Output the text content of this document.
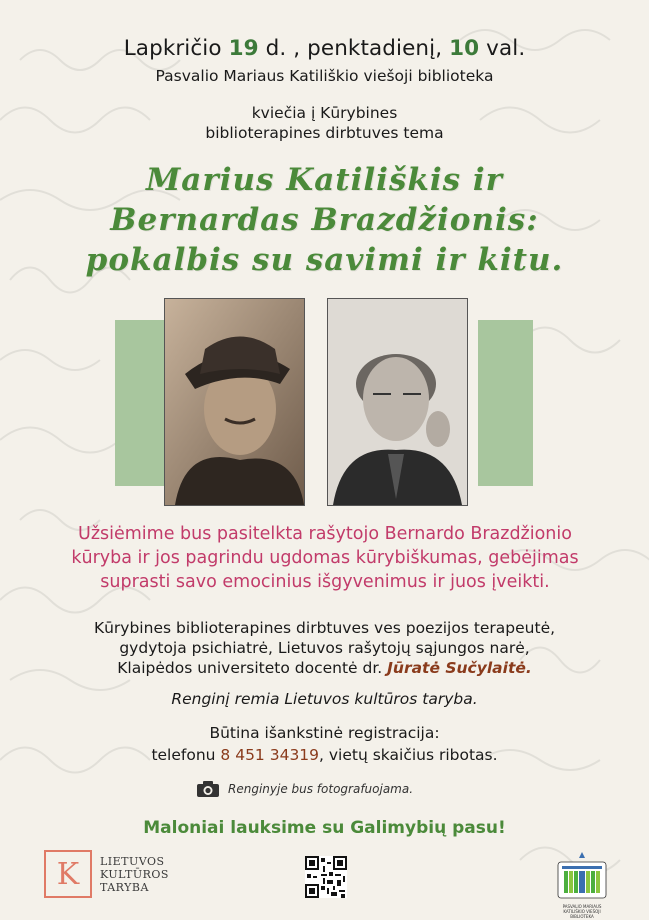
Lapkričio 19 d. , penktadienį, 10 val.
Pasvalio Mariaus Katiliškio viešoji biblioteka
kviečia į Kūrybines
biblioterapines dirbtuves tema
Marius Katiliškis ir
Bernardas Brazdžionis:
pokalbis su savimi ir kitu.
Užsiėmime bus pasitelkta rašytojo Bernardo Brazdžionio
kūryba ir jos pagrindu ugdomas kūrybiškumas, gebėjimas
suprasti savo emocinius išgyvenimus ir juos įveikti.
Kūrybines biblioterapines dirbtuves ves poezijos terapeutė,
gydytoja psichiatrė, Lietuvos rašytojų sąjungos narė,
Klaipėdos universiteto docentė dr. Jūratė Sučylaitė.
Renginį remia Lietuvos kultūros taryba.
Būtina išankstinė registracija:
telefonu 8 451 34319, vietų skaičius ribotas.
Renginyje bus fotografuojama.
Maloniai lauksime su Galimybių pasu!
K	LIETUVOS
KULTŪROS
TARYBA
PASVALIO MARIAUS KATILIŠKIO VIEŠOJI BIBLIOTEKA
